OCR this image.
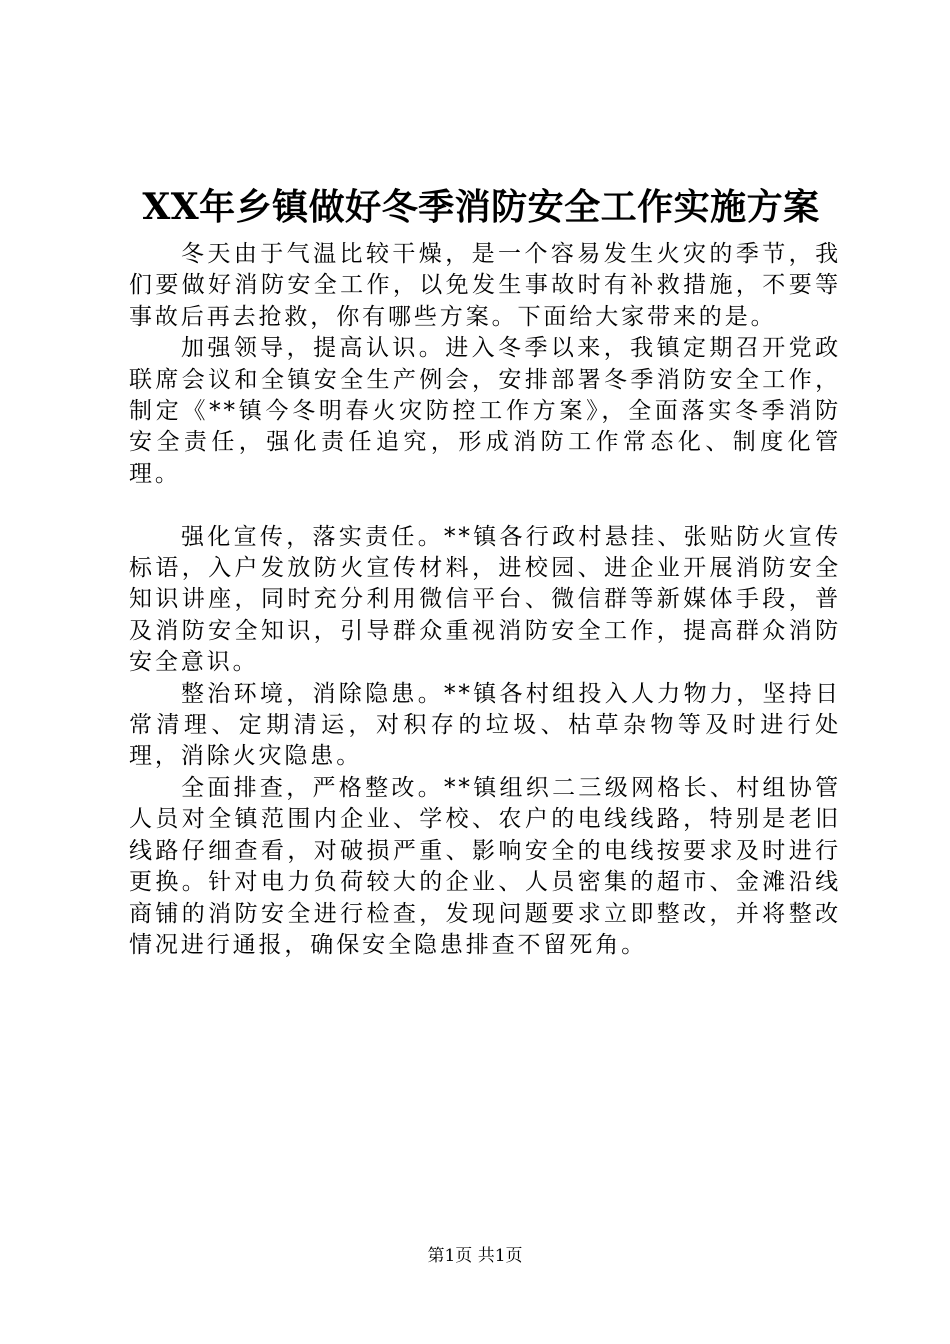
XX年乡镇做好冬季消防安全工作实施方案

冬天由于气温比较干燥，是一个容易发生火灾的季节，我们要做好消防安全工作，以免发生事故时有补救措施，不要等事故后再去抢救，你有哪些方案。下面给大家带来的是。

加强领导，提高认识。进入冬季以来，我镇定期召开党政联席会议和全镇安全生产例会，安排部署冬季消防安全工作，制定《**镇今冬明春火灾防控工作方案》，全面落实冬季消防安全责任，强化责任追究，形成消防工作常态化、制度化管理。

强化宣传，落实责任。**镇各行政村悬挂、张贴防火宣传标语，入户发放防火宣传材料，进校园、进企业开展消防安全知识讲座，同时充分利用微信平台、微信群等新媒体手段，普及消防安全知识，引导群众重视消防安全工作，提高群众消防安全意识。

整治环境，消除隐患。**镇各村组投入人力物力，坚持日常清理、定期清运，对积存的垃圾、枯草杂物等及时进行处理，消除火灾隐患。

全面排查，严格整改。**镇组织二三级网格长、村组协管人员对全镇范围内企业、学校、农户的电线线路，特别是老旧线路仔细查看，对破损严重、影响安全的电线按要求及时进行更换。针对电力负荷较大的企业、人员密集的超市、金滩沿线商铺的消防安全进行检查，发现问题要求立即整改，并将整改情况进行通报，确保安全隐患排查不留死角。

第1页 共1页
